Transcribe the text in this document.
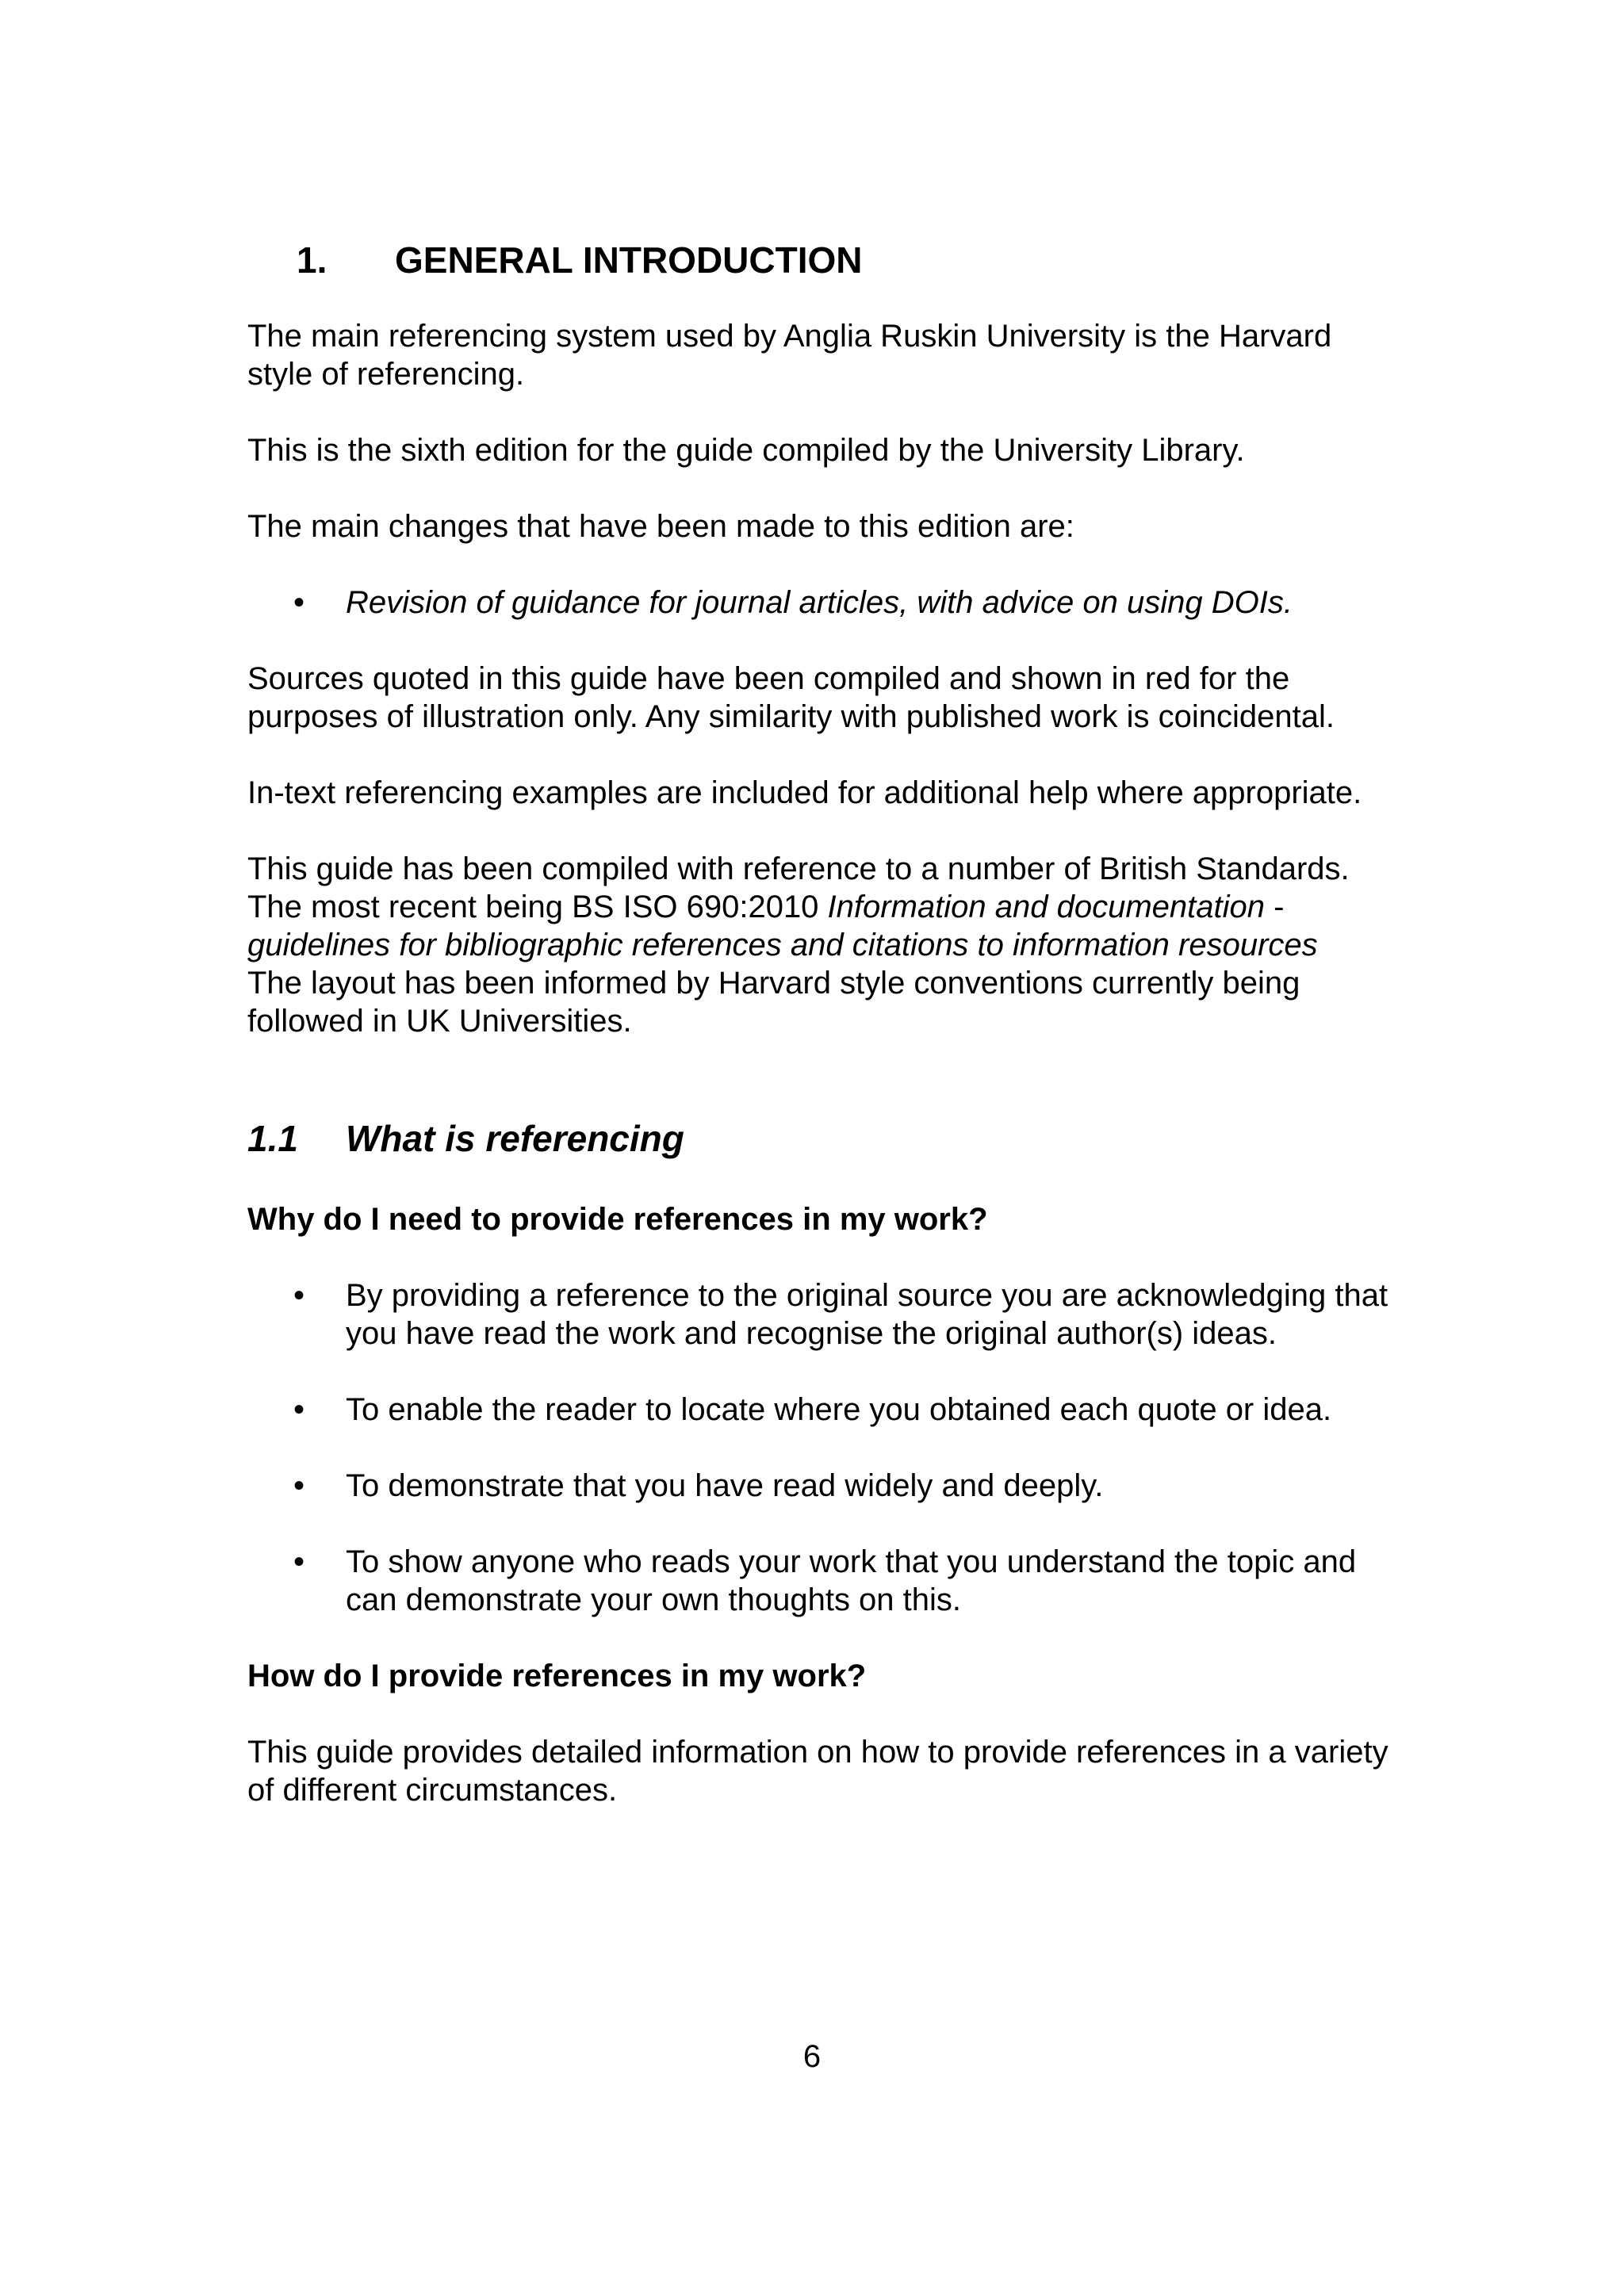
1.	GENERAL INTRODUCTION
The main referencing system used by Anglia Ruskin University is the Harvard style of referencing.
This is the sixth edition for the guide compiled by the University Library.
The main changes that have been made to this edition are:
• Revision of guidance for journal articles, with advice on using DOIs.
Sources quoted in this guide have been compiled and shown in red for the purposes of illustration only. Any similarity with published work is coincidental.
In-text referencing examples are included for additional help where appropriate.
This guide has been compiled with reference to a number of British Standards. The most recent being BS ISO 690:2010 Information and documentation - guidelines for bibliographic references and citations to information resources
The layout has been informed by Harvard style conventions currently being followed in UK Universities.
1.1	What is referencing
Why do I need to provide references in my work?
• By providing a reference to the original source you are acknowledging that you have read the work and recognise the original author(s) ideas.
• To enable the reader to locate where you obtained each quote or idea.
• To demonstrate that you have read widely and deeply.
• To show anyone who reads your work that you understand the topic and can demonstrate your own thoughts on this.
How do I provide references in my work?
This guide provides detailed information on how to provide references in a variety of different circumstances.
6
